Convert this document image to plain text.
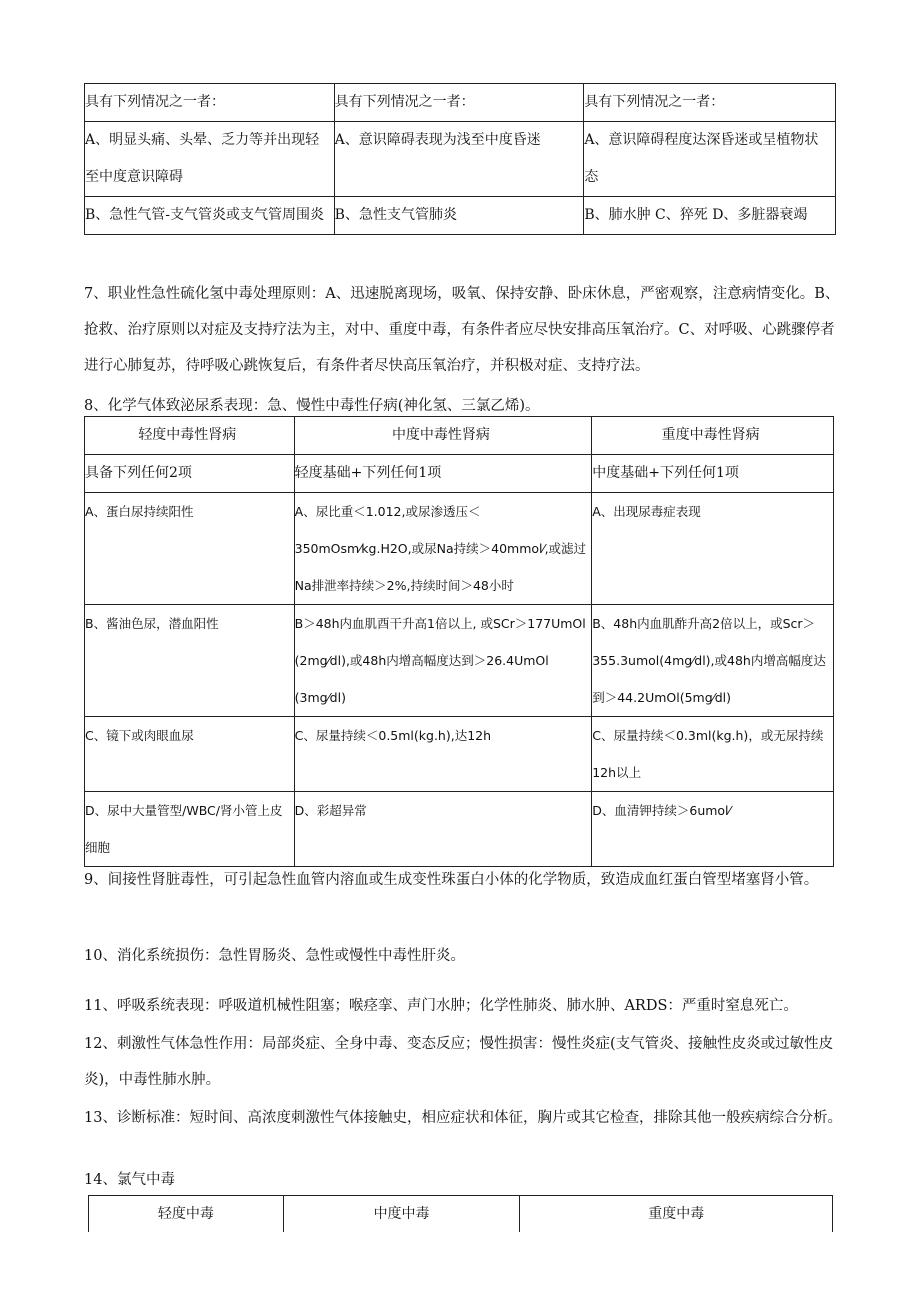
具有下列情况之一者：	具有下列情况之一者：	具有下列情况之一者：
A、明显头痛、头晕、乏力等并出现轻至中度意识障碍	A、意识障碍表现为浅至中度昏迷	A、意识障碍程度达深昏迷或呈植物状态
B、急性气管-支气管炎或支气管周围炎	B、急性支气管肺炎	B、肺水肿 C、猝死 D、多脏器衰竭
7、职业性急性硫化氢中毒处理原则：A、迅速脱离现场，吸氧、保持安静、卧床休息，严密观察，注意病情变化。B、抢救、治疗原则以对症及支持疗法为主，对中、重度中毒，有条件者应尽快安排高压氧治疗。C、对呼吸、心跳骤停者进行心肺复苏，待呼吸心跳恢复后，有条件者尽快高压氧治疗，并积极对症、支持疗法。
8、化学气体致泌尿系表现：急、慢性中毒性仔病(神化氢、三氯乙烯)。
轻度中毒性肾病	中度中毒性肾病	重度中毒性肾病
具备下列任何2项	轻度基础+下列任何1项	中度基础+下列任何1项
A、蛋白尿持续阳性	A、尿比重＜1.012,或尿渗透压＜350mOsm⁄kg.H2O,或尿Na持续＞40mmol⁄,或滤过Na排泄率持续＞2%,持续时间＞48小时	A、出现尿毒症表现
B、酱油色尿，潜血阳性	B＞48h内血肌酉干升高1倍以上, 或SCr＞177UmOl (2mg⁄dl),或48h内增高幅度达到＞26.4UmOl (3mg⁄dl)	B、48h内血肌酢升高2倍以上，或Scr＞355.3umol(4mg⁄dl),或48h内增高幅度达到＞44.2UmOl(5mg⁄dl)
C、镜下或肉眼血尿	C、尿量持续＜0.5ml(kg.h),达12h	C、尿量持续＜0.3ml(kg.h)，或无尿持续12h以上
D、尿中大量管型/WBC/肾小管上皮细胞	D、彩超异常	D、血清钾持续＞6umol⁄
9、间接性肾脏毒性，可引起急性血管内溶血或生成变性珠蛋白小体的化学物质，致造成血红蛋白管型堵塞肾小管。
10、消化系统损伤：急性胃肠炎、急性或慢性中毒性肝炎。
11、呼吸系统表现：呼吸道机械性阻塞；喉痉挛、声门水肿；化学性肺炎、肺水肿、ARDS：严重时窒息死亡。
12、刺激性气体急性作用：局部炎症、全身中毒、变态反应；慢性损害：慢性炎症(支气管炎、接触性皮炎或过敏性皮炎)，中毒性肺水肿。
13、诊断标准：短时间、高浓度刺激性气体接触史，相应症状和体征，胸片或其它检查，排除其他一般疾病综合分析。
14、氯气中毒
轻度中毒	中度中毒	重度中毒
